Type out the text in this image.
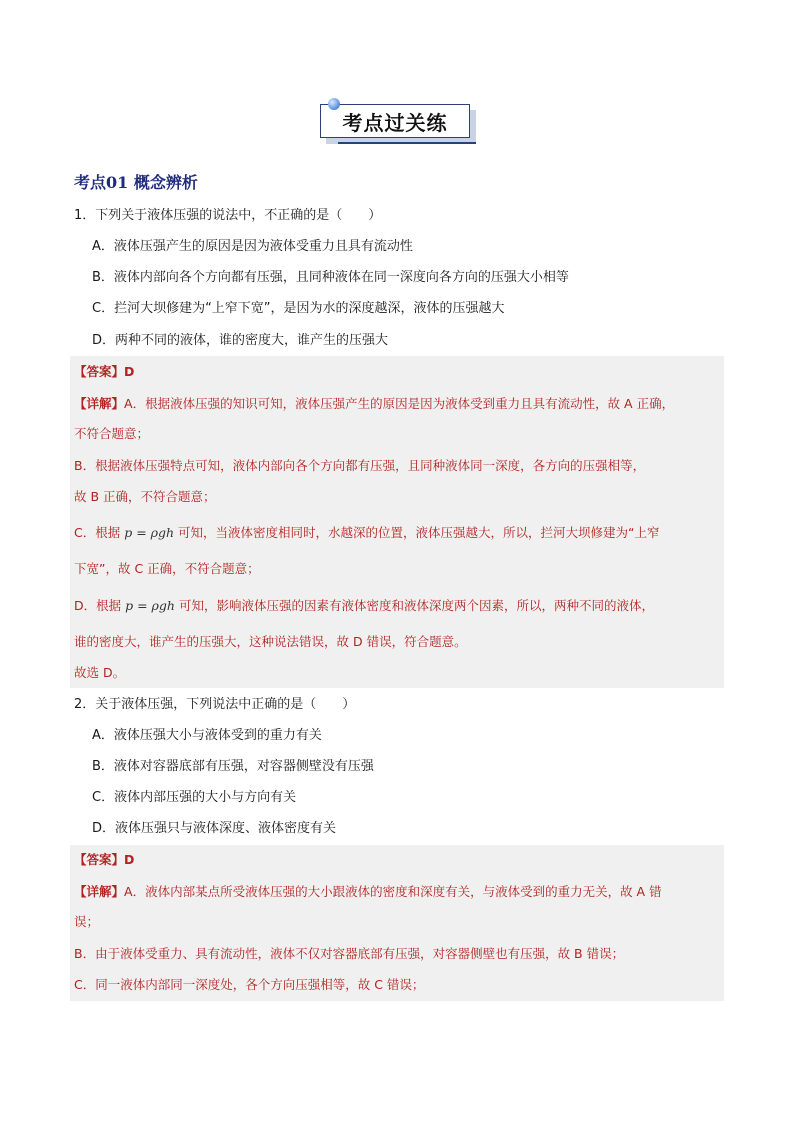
考点过关练
考点01 概念辨析
1．下列关于液体压强的说法中，不正确的是（　　）
A．液体压强产生的原因是因为液体受重力且具有流动性
B．液体内部向各个方向都有压强，且同种液体在同一深度向各方向的压强大小相等
C．拦河大坝修建为“上窄下宽”，是因为水的深度越深，液体的压强越大
D．两种不同的液体，谁的密度大，谁产生的压强大
【答案】D
【详解】A．根据液体压强的知识可知，液体压强产生的原因是因为液体受到重力且具有流动性，故 A 正确，
不符合题意；
B．根据液体压强特点可知，液体内部向各个方向都有压强，且同种液体同一深度，各方向的压强相等，
故 B 正确，不符合题意；
C．根据 p = ρgh 可知，当液体密度相同时，水越深的位置，液体压强越大，所以，拦河大坝修建为“上窄
下宽”，故 C 正确，不符合题意；
D．根据 p = ρgh 可知，影响液体压强的因素有液体密度和液体深度两个因素，所以，两种不同的液体，
谁的密度大，谁产生的压强大，这种说法错误，故 D 错误，符合题意。
故选 D。
2．关于液体压强，下列说法中正确的是（　　）
A．液体压强大小与液体受到的重力有关
B．液体对容器底部有压强，对容器侧壁没有压强
C．液体内部压强的大小与方向有关
D．液体压强只与液体深度、液体密度有关
【答案】D
【详解】A．液体内部某点所受液体压强的大小跟液体的密度和深度有关，与液体受到的重力无关，故 A 错
误；
B．由于液体受重力、具有流动性，液体不仅对容器底部有压强，对容器侧壁也有压强，故 B 错误；
C．同一液体内部同一深度处，各个方向压强相等，故 C 错误；
